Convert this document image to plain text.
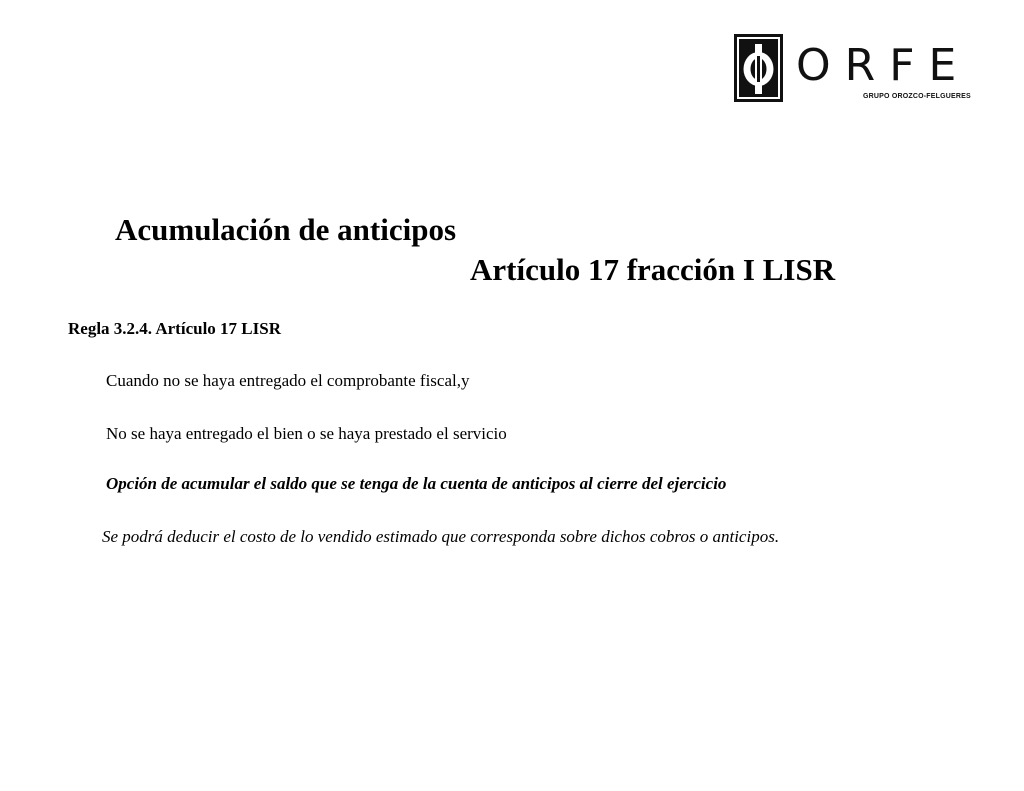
ORFE
GRUPO OROZCO-FELGUERES
Acumulación de anticipos
Artículo 17 fracción I LISR
Regla 3.2.4. Artículo 17 LISR
Cuando no se haya entregado el comprobante fiscal,y
No se haya entregado el bien o se haya prestado el servicio
Opción de acumular el saldo que se tenga de la cuenta de anticipos al cierre del ejercicio
Se podrá deducir el costo de lo vendido estimado que corresponda sobre dichos cobros o anticipos.
